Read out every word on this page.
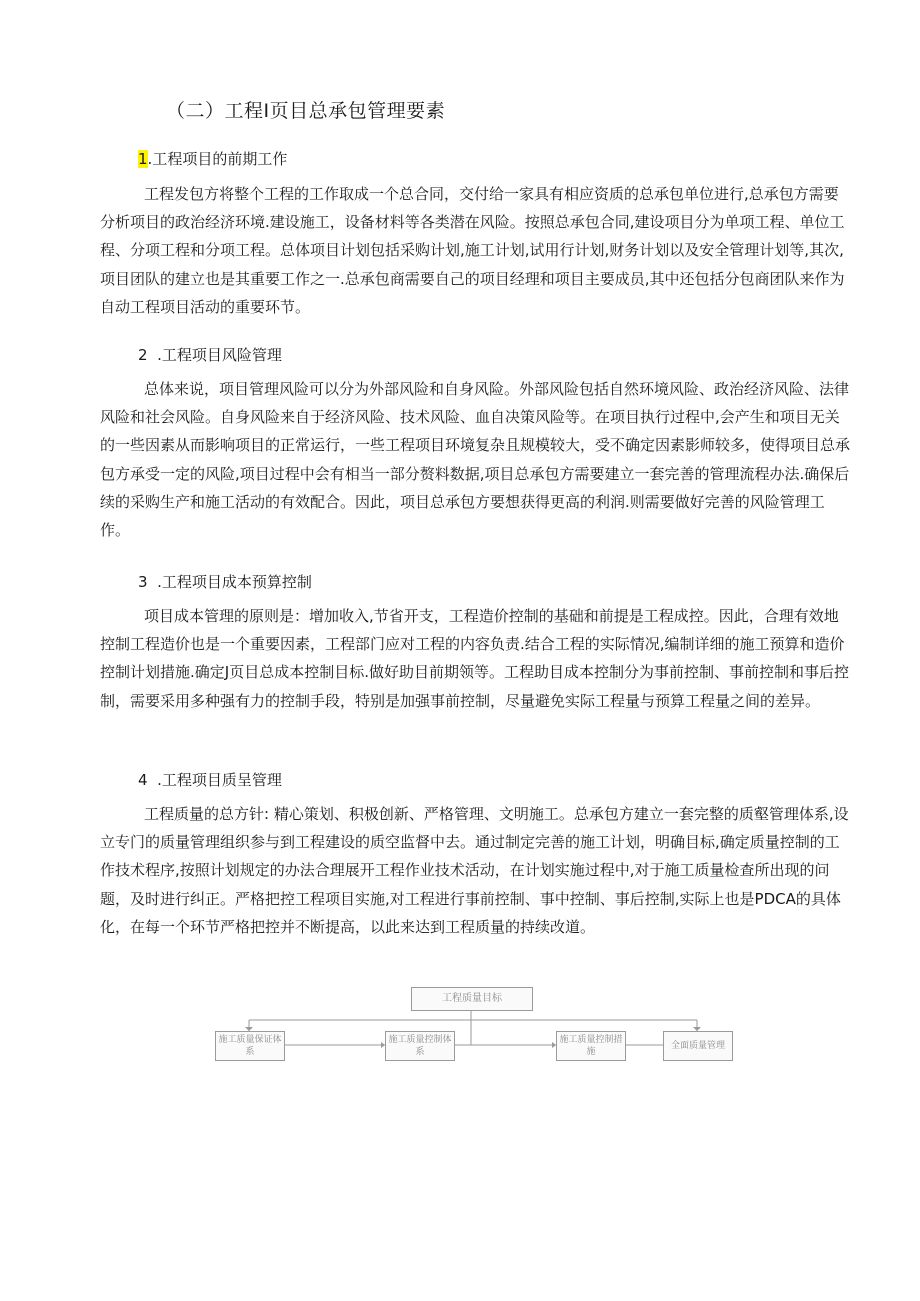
（二）工程I页目总承包管理要素
1.工程项目的前期工作

工程发包方将整个工程的工作取成一个总合同，交付给一家具有相应资质的总承包单位进行,总承包方需要分析项目的政治经济环境.建设施工，设备材料等各类潜在风险。按照总承包合同,建设项目分为单项工程、单位工程、分项工程和分项工程。总体项目计划包括采购计划,施工计划,试用行计划,财务计划以及安全管理计划等,其次,项目团队的建立也是其重要工作之一.总承包商需要自己的项目经理和项目主要成员,其中还包括分包商团队来作为自动工程项目活动的重要环节。

2  .工程项目风险管理

总体来说，项目管理风险可以分为外部风险和自身风险。外部风险包括自然环境风险、政治经济风险、法律风险和社会风险。自身风险来自于经济风险、技术风险、血自决策风险等。在项目执行过程中,会产生和项目无关的一些因素从而影响项目的正常运行，一些工程项目环境复杂且规模较大，受不确定因素影师较多，使得项目总承包方承受一定的风险,项目过程中会有相当一部分赘料数据,项目总承包方需要建立一套完善的管理流程办法.确保后续的采购生产和施工活动的有效配合。因此，项目总承包方要想获得更高的利润.则需要做好完善的风险管理工作。

3  .工程项目成本预算控制

项目成本管理的原则是：增加收入,节省开支，工程造价控制的基础和前提是工程成控。因此，合理有效地控制工程造价也是一个重要因素，工程部门应对工程的内容负责.结合工程的实际情况,编制详细的施工预算和造价控制计划措施.确定J页目总成本控制目标.做好助目前期领等。工程助目成本控制分为事前控制、事前控制和事后控制，需要采用多种强有力的控制手段，特别是加强事前控制，尽量避免实际工程量与预算工程量之间的差异。

4  .工程项目质呈管理

工程质量的总方针: 精心策划、积极创新、严格管理、文明施工。总承包方建立一套完整的质壑管理体系,设立专门的质量管理组织参与到工程建设的质空监督中去。通过制定完善的施工计划，明确目标,确定质量控制的工作技术程序,按照计划规定的办法合理展开工程作业技术活动，在计划实施过程中,对于施工质量检查所出现的问题，及时进行纠正。严格把控工程项目实施,对工程进行事前控制、事中控制、事后控制,实际上也是PDCA的具体化，在每一个环节严格把控并不断提高，以此来达到工程质量的持续改道。

工程质量目标
施工质量保证体系
施工质量控制体系
施工质量控制措施
全面质量管理
